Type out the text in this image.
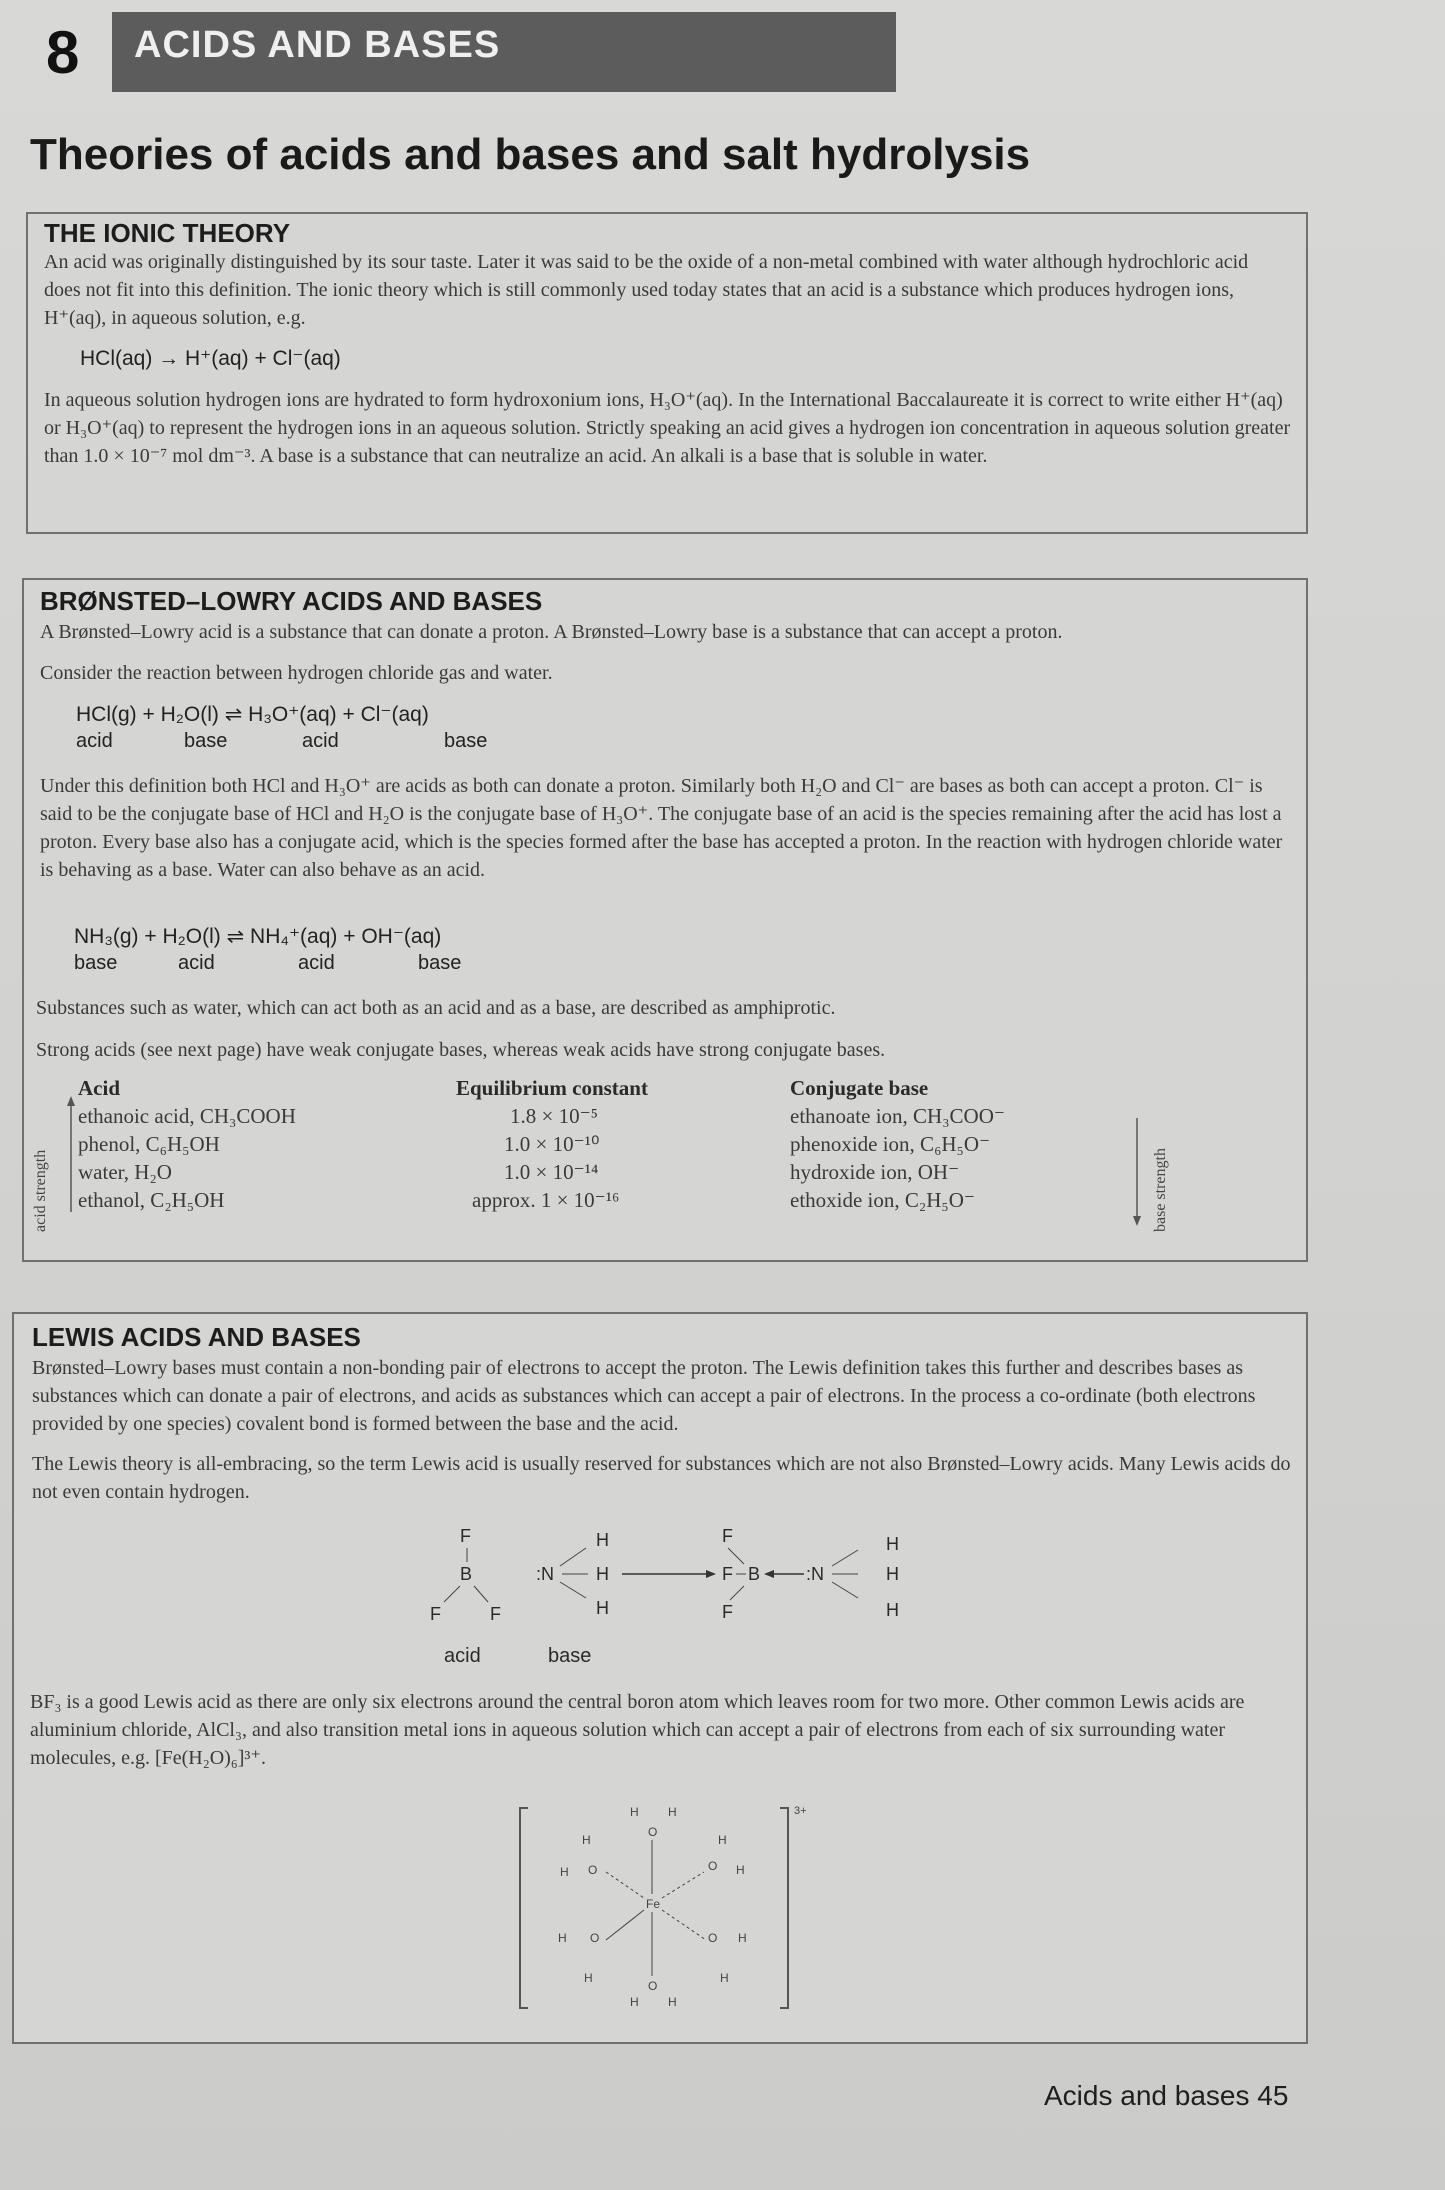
8 ACIDS AND BASES
Theories of acids and bases and salt hydrolysis
THE IONIC THEORY
An acid was originally distinguished by its sour taste. Later it was said to be the oxide of a non-metal combined with water although hydrochloric acid does not fit into this definition. The ionic theory which is still commonly used today states that an acid is a substance which produces hydrogen ions, H⁺(aq), in aqueous solution, e.g.
HCl(aq) → H⁺(aq) + Cl⁻(aq)
In aqueous solution hydrogen ions are hydrated to form hydroxonium ions, H₃O⁺(aq). In the International Baccalaureate it is correct to write either H⁺(aq) or H₃O⁺(aq) to represent the hydrogen ions in an aqueous solution. Strictly speaking an acid gives a hydrogen ion concentration in aqueous solution greater than 1.0 × 10⁻⁷ mol dm⁻³. A base is a substance that can neutralize an acid. An alkali is a base that is soluble in water.
BRØNSTED–LOWRY ACIDS AND BASES
A Brønsted–Lowry acid is a substance that can donate a proton. A Brønsted–Lowry base is a substance that can accept a proton.
Consider the reaction between hydrogen chloride gas and water.
HCl(g) + H₂O(l) ⇌ H₃O⁺(aq) + Cl⁻(aq)
acid	base	acid	base
Under this definition both HCl and H₃O⁺ are acids as both can donate a proton. Similarly both H₂O and Cl⁻ are bases as both can accept a proton. Cl⁻ is said to be the conjugate base of HCl and H₂O is the conjugate base of H₃O⁺. The conjugate base of an acid is the species remaining after the acid has lost a proton. Every base also has a conjugate acid, which is the species formed after the base has accepted a proton. In the reaction with hydrogen chloride water is behaving as a base. Water can also behave as an acid.
NH₃(g) + H₂O(l) ⇌ NH₄⁺(aq) + OH⁻(aq)
base	acid	acid	base
Substances such as water, which can act both as an acid and as a base, are described as amphiprotic.
Strong acids (see next page) have weak conjugate bases, whereas weak acids have strong conjugate bases.
Acid	Equilibrium constant	Conjugate base
ethanoic acid, CH₃COOH	1.8 × 10⁻⁵	ethanoate ion, CH₃COO⁻
phenol, C₆H₅OH	1.0 × 10⁻¹⁰	phenoxide ion, C₆H₅O⁻
water, H₂O	1.0 × 10⁻¹⁴	hydroxide ion, OH⁻
ethanol, C₂H₅OH	approx. 1 × 10⁻¹⁶	ethoxide ion, C₂H₅O⁻
acid strength	base strength
LEWIS ACIDS AND BASES
Brønsted–Lowry bases must contain a non-bonding pair of electrons to accept the proton. The Lewis definition takes this further and describes bases as substances which can donate a pair of electrons, and acids as substances which can accept a pair of electrons. In the process a co-ordinate (both electrons provided by one species) covalent bond is formed between the base and the acid.
The Lewis theory is all-embracing, so the term Lewis acid is usually reserved for substances which are not also Brønsted–Lowry acids. Many Lewis acids do not even contain hydrogen.
F
B
F	F
:N
H
H
H
F
F B
F
:N
H
H
H
acid	base
BF₃ is a good Lewis acid as there are only six electrons around the central boron atom which leaves room for two more. Other common Lewis acids are aluminium chloride, AlCl₃, and also transition metal ions in aqueous solution which can accept a pair of electrons from each of six surrounding water molecules, e.g. [Fe(H₂O)₆]³⁺.
3+
Fe
O
H H
O
H
H
O H
H
O
H
H
O H
H
O
H H
Acids and bases 45
